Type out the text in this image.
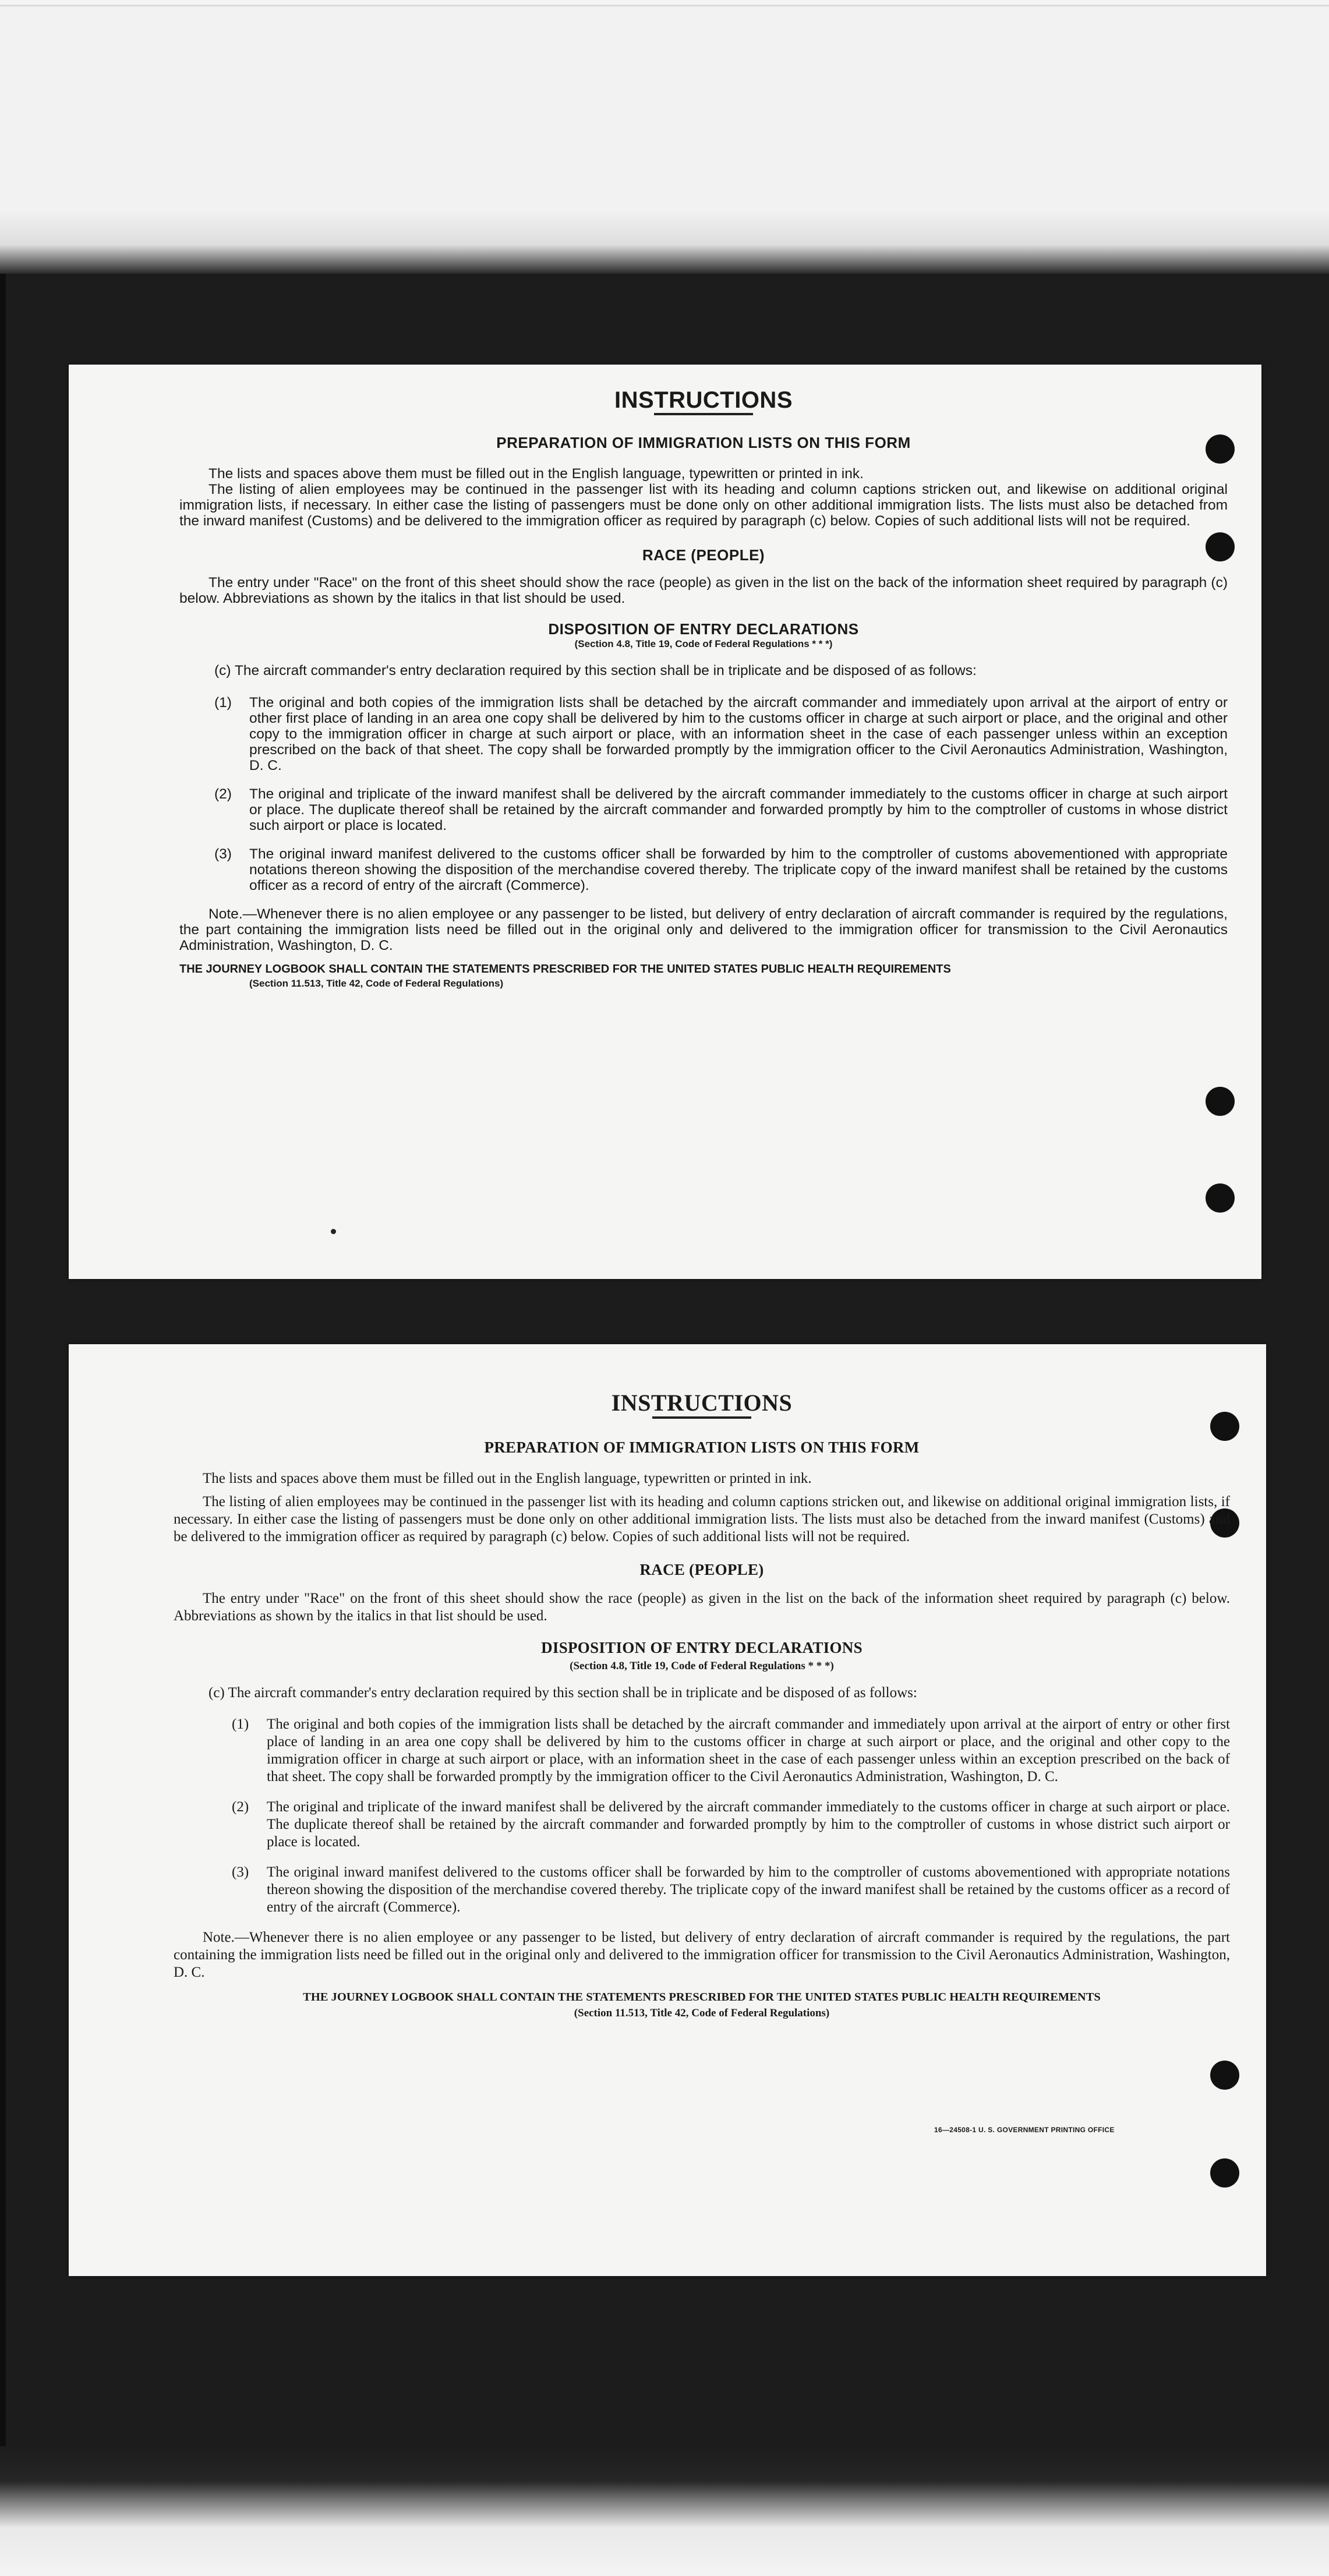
INSTRUCTIONS
PREPARATION OF IMMIGRATION LISTS ON THIS FORM

The lists and spaces above them must be filled out in the English language, typewritten or printed in ink.

The listing of alien employees may be continued in the passenger list with its heading and column captions stricken out, and likewise on additional original immigration lists, if necessary. In either case the listing of passengers must be done only on other additional immigration lists. The lists must also be detached from the inward manifest (Customs) and be delivered to the immigration officer as required by paragraph (c) below. Copies of such additional lists will not be required.

RACE (PEOPLE)

The entry under "Race" on the front of this sheet should show the race (people) as given in the list on the back of the information sheet required by paragraph (c) below. Abbreviations as shown by the italics in that list should be used.

DISPOSITION OF ENTRY DECLARATIONS
(Section 4.8, Title 19, Code of Federal Regulations * * *)

(c) The aircraft commander's entry declaration required by this section shall be in triplicate and be disposed of as follows:

(1)	The original and both copies of the immigration lists shall be detached by the aircraft commander and immediately upon arrival at the airport of entry or other first place of landing in an area one copy shall be delivered by him to the customs officer in charge at such airport or place, and the original and other copy to the immigration officer in charge at such airport or place, with an information sheet in the case of each passenger unless within an exception prescribed on the back of that sheet. The copy shall be forwarded promptly by the immigration officer to the Civil Aeronautics Administration, Washington, D. C.
(2)	The original and triplicate of the inward manifest shall be delivered by the aircraft commander immediately to the customs officer in charge at such airport or place. The duplicate thereof shall be retained by the aircraft commander and forwarded promptly by him to the comptroller of customs in whose district such airport or place is located.
(3)	The original inward manifest delivered to the customs officer shall be forwarded by him to the comptroller of customs abovementioned with appropriate notations thereon showing the disposition of the merchandise covered thereby. The triplicate copy of the inward manifest shall be retained by the customs officer as a record of entry of the aircraft (Commerce).

Note.—Whenever there is no alien employee or any passenger to be listed, but delivery of entry declaration of aircraft commander is required by the regulations, the part containing the immigration lists need be filled out in the original only and delivered to the immigration officer for transmission to the Civil Aeronautics Administration, Washington, D. C.

THE JOURNEY LOGBOOK SHALL CONTAIN THE STATEMENTS PRESCRIBED FOR THE UNITED STATES PUBLIC HEALTH REQUIREMENTS
(Section 11.513, Title 42, Code of Federal Regulations)
INSTRUCTIONS
PREPARATION OF IMMIGRATION LISTS ON THIS FORM

The lists and spaces above them must be filled out in the English language, typewritten or printed in ink.

The listing of alien employees may be continued in the passenger list with its heading and column captions stricken out, and likewise on additional original immigration lists, if necessary. In either case the listing of passengers must be done only on other additional immigration lists. The lists must also be detached from the inward manifest (Customs) and be delivered to the immigration officer as required by paragraph (c) below. Copies of such additional lists will not be required.

RACE (PEOPLE)

The entry under "Race" on the front of this sheet should show the race (people) as given in the list on the back of the information sheet required by paragraph (c) below. Abbreviations as shown by the italics in that list should be used.

DISPOSITION OF ENTRY DECLARATIONS
(Section 4.8, Title 19, Code of Federal Regulations * * *)

(c) The aircraft commander's entry declaration required by this section shall be in triplicate and be disposed of as follows:

(1)	The original and both copies of the immigration lists shall be detached by the aircraft commander and immediately upon arrival at the airport of entry or other first place of landing in an area one copy shall be delivered by him to the customs officer in charge at such airport or place, and the original and other copy to the immigration officer in charge at such airport or place, with an information sheet in the case of each passenger unless within an exception prescribed on the back of that sheet. The copy shall be forwarded promptly by the immigration officer to the Civil Aeronautics Administration, Washington, D. C.
(2)	The original and triplicate of the inward manifest shall be delivered by the aircraft commander immediately to the customs officer in charge at such airport or place. The duplicate thereof shall be retained by the aircraft commander and forwarded promptly by him to the comptroller of customs in whose district such airport or place is located.
(3)	The original inward manifest delivered to the customs officer shall be forwarded by him to the comptroller of customs abovementioned with appropriate notations thereon showing the disposition of the merchandise covered thereby. The triplicate copy of the inward manifest shall be retained by the customs officer as a record of entry of the aircraft (Commerce).

Note.—Whenever there is no alien employee or any passenger to be listed, but delivery of entry declaration of aircraft commander is required by the regulations, the part containing the immigration lists need be filled out in the original only and delivered to the immigration officer for transmission to the Civil Aeronautics Administration, Washington, D. C.

THE JOURNEY LOGBOOK SHALL CONTAIN THE STATEMENTS PRESCRIBED FOR THE UNITED STATES PUBLIC HEALTH REQUIREMENTS
(Section 11.513, Title 42, Code of Federal Regulations)
16—24508-1 U. S. GOVERNMENT PRINTING OFFICE
